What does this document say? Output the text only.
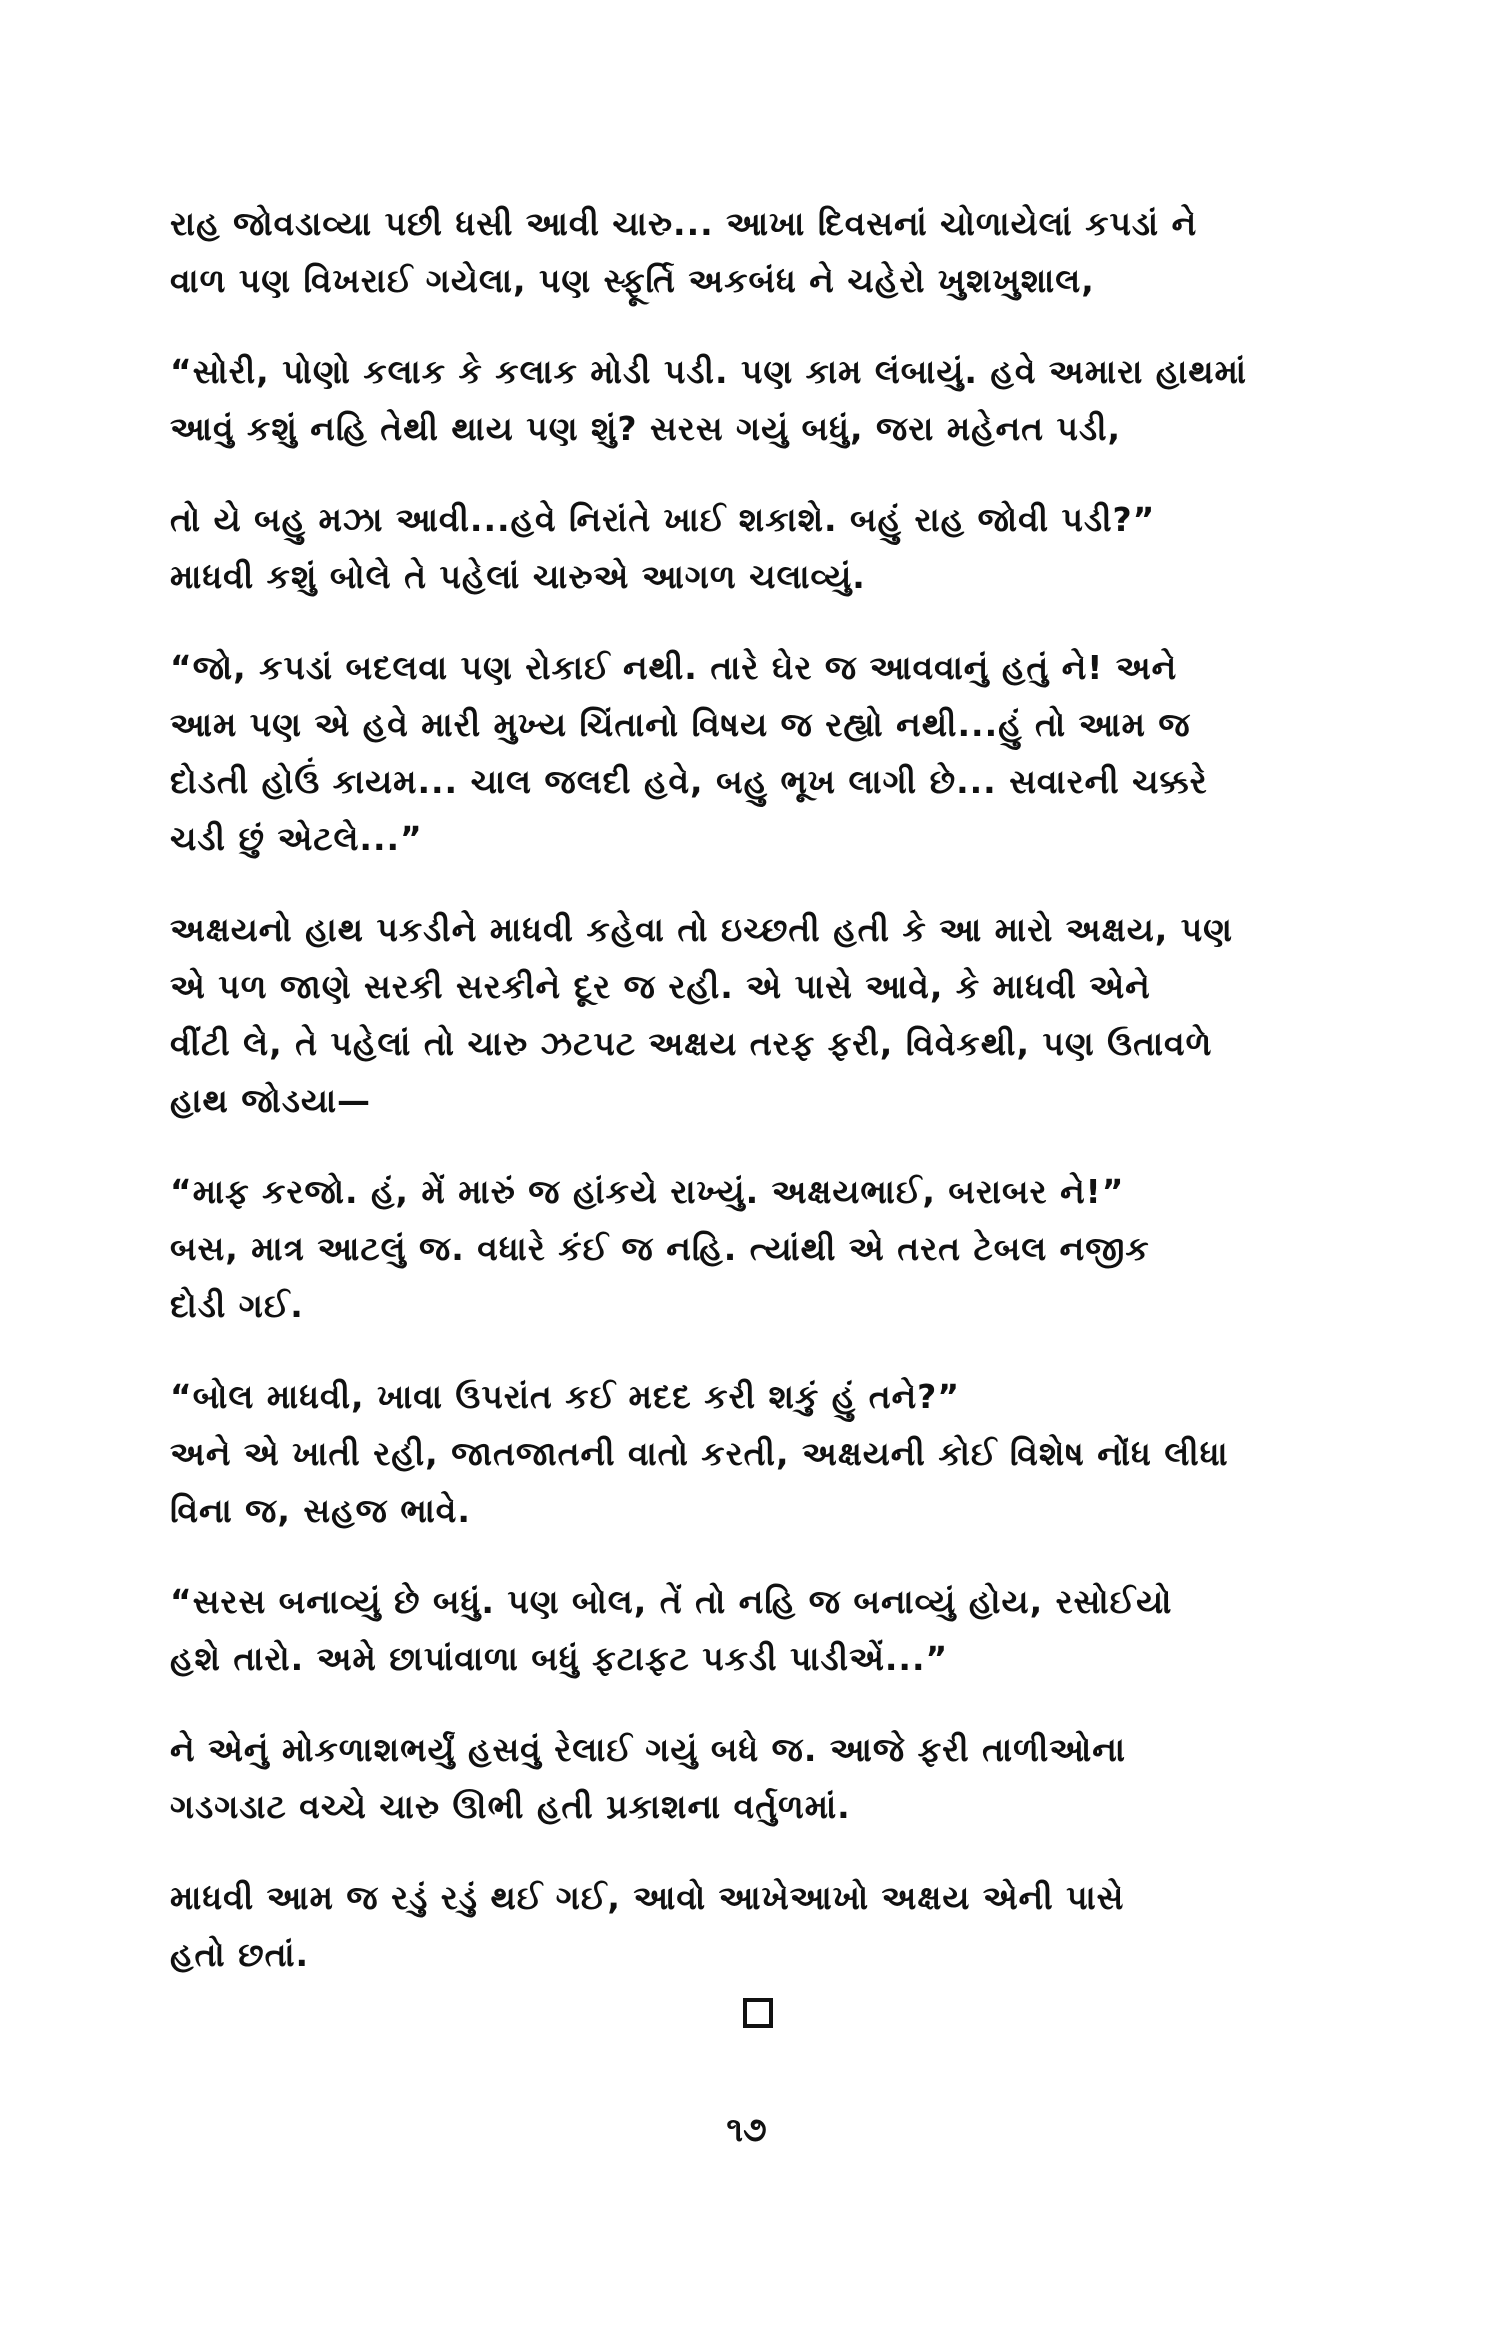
રાહ જોવડાવ્યા પછી ધસી આવી ચારુ... આખા દિવસનાં ચોળાયેલાં કપડાં ને
વાળ પણ વિખરાઈ ગયેલા, પણ સ્ફૂર્તિ અકબંધ ને ચહેરો ખુશખુશાલ,

“સોરી, પોણો કલાક કે કલાક મોડી પડી. પણ કામ લંબાયું. હવે અમારા હાથમાં
આવું કશું નહિ તેથી થાય પણ શું? સરસ ગયું બધું, જરા મહેનત પડી,

તો યે બહુ મઝા આવી...હવે નિરાંતે ખાઈ શકાશે. બહું રાહ જોવી પડી?”
માધવી કશું બોલે તે પહેલાં ચારુએ આગળ ચલાવ્યું.

“જો, કપડાં બદલવા પણ રોકાઈ નથી. તારે ઘેર જ આવવાનું હતું ને! અને
આમ પણ એ હવે મારી મુખ્ય ચિંતાનો વિષય જ રહ્યો નથી...હું તો આમ જ
દોડતી હોઉં કાયમ... ચાલ જલદી હવે, બહુ ભૂખ લાગી છે... સવારની ચક્કરે
ચડી છું એટલે...”

અક્ષયનો હાથ પકડીને માધવી કહેવા તો ઇચ્છતી હતી કે આ મારો અક્ષય, પણ
એ પળ જાણે સરકી સરકીને દૂર જ રહી. એ પાસે આવે, કે માધવી એને
વીંટી લે, તે પહેલાં તો ચારુ ઝટપટ અક્ષય તરફ ફરી, વિવેકથી, પણ ઉતાવળે
હાથ જોડયા—

“માફ કરજો. હં, મેં મારું જ હાંકયે રાખ્યું. અક્ષયભાઈ, બરાબર ને!”
બસ, માત્ર આટલું જ. વધારે કંઈ જ નહિ. ત્યાંથી એ તરત ટેબલ નજીક
દોડી ગઈ.

“બોલ માધવી, ખાવા ઉપરાંત કઈ મદદ કરી શકું હું તને?”
અને એ ખાતી રહી, જાતજાતની વાતો કરતી, અક્ષયની કોઈ વિશેષ નોંધ લીધા
વિના જ, સહજ ભાવે.

“સરસ બનાવ્યું છે બધું. પણ બોલ, તેં તો નહિ જ બનાવ્યું હોય, રસોઈયો
હશે તારો. અમે છાપાંવાળા બધું ફટાફટ પકડી પાડીએં...”

ને એનું મોકળાશભર્યું હસવું રેલાઈ ગયું બધે જ. આજે ફરી તાળીઓના
ગડગડાટ વચ્ચે ચારુ ઊભી હતી પ્રકાશના વર્તુળમાં.

માધવી આમ જ રડું રડું થઈ ગઈ, આવો આખેઆખો અક્ષય એની પાસે
હતો છતાં.

૧૭
